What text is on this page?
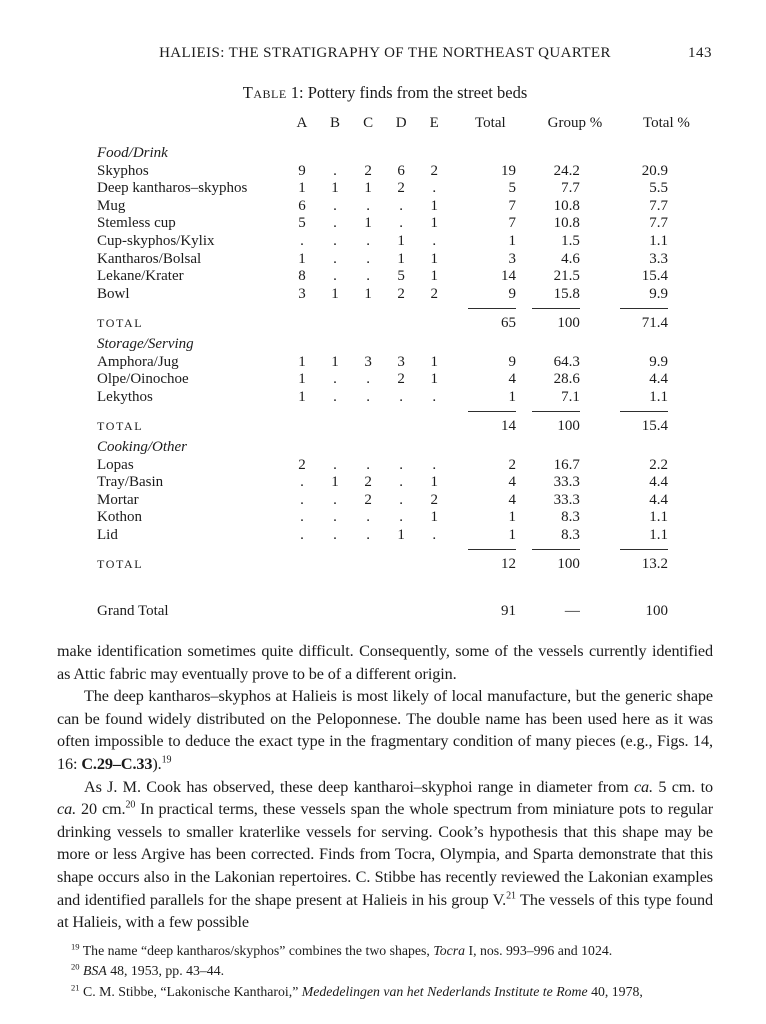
HALIEIS: THE STRATIGRAPHY OF THE NORTHEAST QUARTER	143
Table 1: Pottery finds from the street beds
	A	B	C	D	E	Total	Group %	Total %
Food/Drink								
Skyphos	9	.	2	6	2	19	24.2	20.9
Deep kantharos–skyphos	1	1	1	2	.	5	7.7	5.5
Mug	6	.	.	.	1	7	10.8	7.7
Stemless cup	5	.	1	.	1	7	10.8	7.7
Cup-skyphos/Kylix	.	.	.	1	.	1	1.5	1.1
Kantharos/Bolsal	1	.	.	1	1	3	4.6	3.3
Lekane/Krater	8	.	.	5	1	14	21.5	15.4
Bowl	3	1	1	2	2	9	15.8	9.9
TOTAL						65	100	71.4
Storage/Serving								
Amphora/Jug	1	1	3	3	1	9	64.3	9.9
Olpe/Oinochoe	1	.	.	2	1	4	28.6	4.4
Lekythos	1	.	.	.	.	1	7.1	1.1
TOTAL						14	100	15.4
Cooking/Other								
Lopas	2	.	.	.	.	2	16.7	2.2
Tray/Basin	.	1	2	.	1	4	33.3	4.4
Mortar	.	.	2	.	2	4	33.3	4.4
Kothon	.	.	.	.	1	1	8.3	1.1
Lid	.	.	.	1	.	1	8.3	1.1
TOTAL						12	100	13.2
Grand Total						91	—	100

make identification sometimes quite difficult. Consequently, some of the vessels currently identified as Attic fabric may eventually prove to be of a different origin.

The deep kantharos–skyphos at Halieis is most likely of local manufacture, but the generic shape can be found widely distributed on the Peloponnese. The double name has been used here as it was often impossible to deduce the exact type in the fragmentary condition of many pieces (e.g., Figs. 14, 16: C.29–C.33).$^{19}$

As J. M. Cook has observed, these deep kantharoi–skyphoi range in diameter from ca. 5 cm. to ca. 20 cm.$^{20}$ In practical terms, these vessels span the whole spectrum from miniature pots to regular drinking vessels to smaller kraterlike vessels for serving. Cook’s hypothesis that this shape may be more or less Argive has been corrected. Finds from Tocra, Olympia, and Sparta demonstrate that this shape occurs also in the Lakonian repertoires. C. Stibbe has recently reviewed the Lakonian examples and identified parallels for the shape present at Halieis in his group V.$^{21}$ The vessels of this type found at Halieis, with a few possible

$^{19}$ The name “deep kantharos/skyphos” combines the two shapes, Tocra I, nos. 993–996 and 1024.

$^{20}$ BSA 48, 1953, pp. 43–44.

$^{21}$ C. M. Stibbe, “Lakonische Kantharoi,” Mededelingen van het Nederlands Institute te Rome 40, 1978,
